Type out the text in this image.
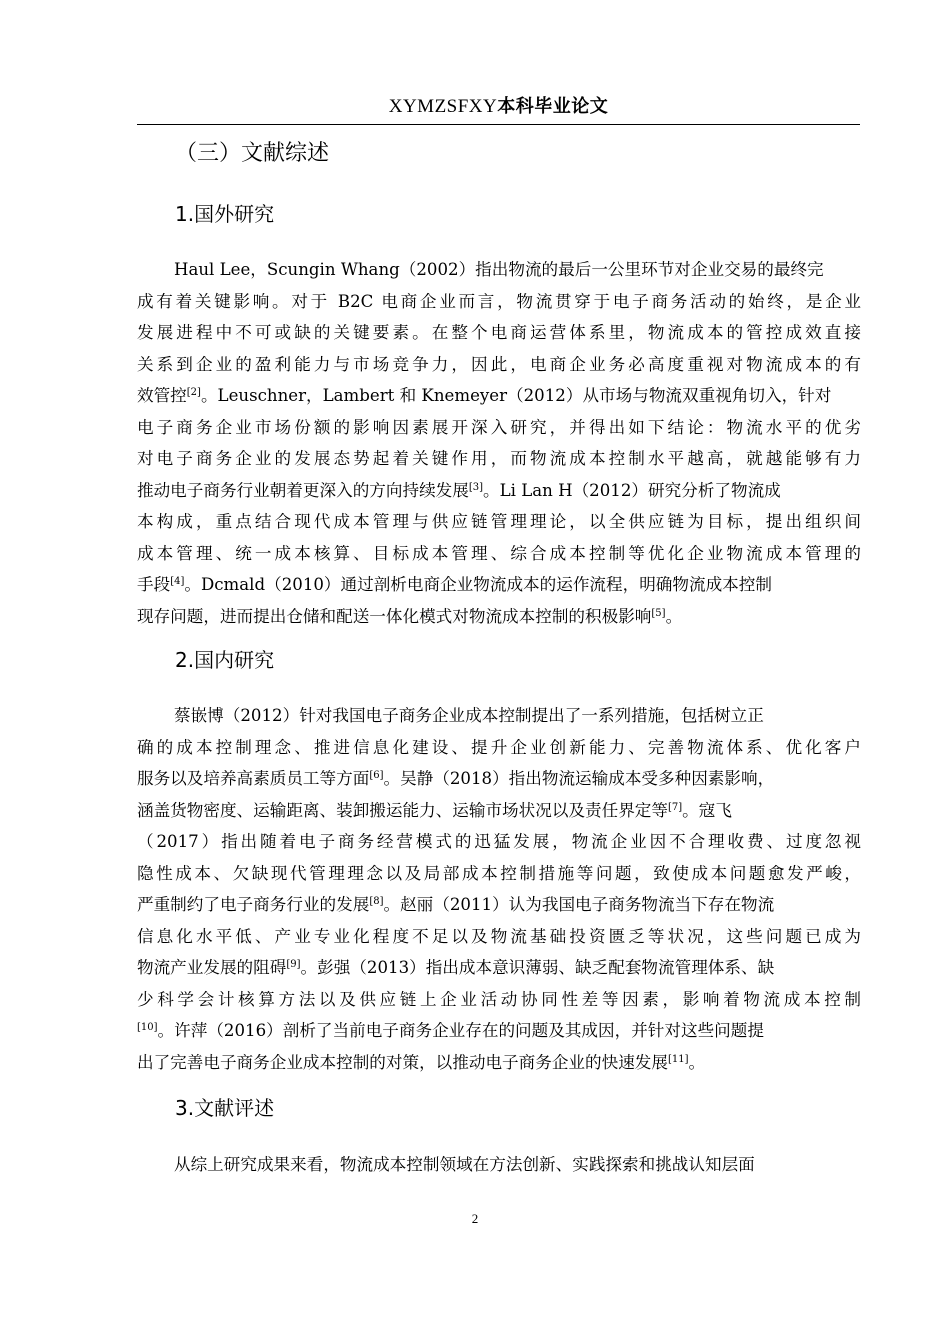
XYMZSFXY本科毕业论文
（三）文献综述
1.国外研究
Haul Lee，Scungin Whang（2002）指出物流的最后一公里环节对企业交易的最终完
成有着关键影响。对于 B2C 电商企业而言，物流贯穿于电子商务活动的始终，是企业
发展进程中不可或缺的关键要素。在整个电商运营体系里，物流成本的管控成效直接
关系到企业的盈利能力与市场竞争力，因此，电商企业务必高度重视对物流成本的有
效管控[2]。Leuschner，Lambert 和 Knemeyer（2012）从市场与物流双重视角切入，针对
电子商务企业市场份额的影响因素展开深入研究，并得出如下结论：物流水平的优劣
对电子商务企业的发展态势起着关键作用，而物流成本控制水平越高，就越能够有力
推动电子商务行业朝着更深入的方向持续发展[3]。Li Lan H（2012）研究分析了物流成
本构成，重点结合现代成本管理与供应链管理理论，以全供应链为目标，提出组织间
成本管理、统一成本核算、目标成本管理、综合成本控制等优化企业物流成本管理的
手段[4]。Dcmald（2010）通过剖析电商企业物流成本的运作流程，明确物流成本控制
现存问题，进而提出仓储和配送一体化模式对物流成本控制的积极影响[5]。
2.国内研究
蔡嵌博（2012）针对我国电子商务企业成本控制提出了一系列措施，包括树立正
确的成本控制理念、推进信息化建设、提升企业创新能力、完善物流体系、优化客户
服务以及培养高素质员工等方面[6]。吴静（2018）指出物流运输成本受多种因素影响，
涵盖货物密度、运输距离、装卸搬运能力、运输市场状况以及责任界定等[7]。寇飞
（2017）指出随着电子商务经营模式的迅猛发展，物流企业因不合理收费、过度忽视
隐性成本、欠缺现代管理理念以及局部成本控制措施等问题，致使成本问题愈发严峻，
严重制约了电子商务行业的发展[8]。赵丽（2011）认为我国电子商务物流当下存在物流
信息化水平低、产业专业化程度不足以及物流基础投资匮乏等状况，这些问题已成为
物流产业发展的阻碍[9]。彭强（2013）指出成本意识薄弱、缺乏配套物流管理体系、缺
少科学会计核算方法以及供应链上企业活动协同性差等因素，影响着物流成本控制
[10]。许萍（2016）剖析了当前电子商务企业存在的问题及其成因，并针对这些问题提
出了完善电子商务企业成本控制的对策，以推动电子商务企业的快速发展[11]。
3.文献评述
从综上研究成果来看，物流成本控制领域在方法创新、实践探索和挑战认知层面
2
